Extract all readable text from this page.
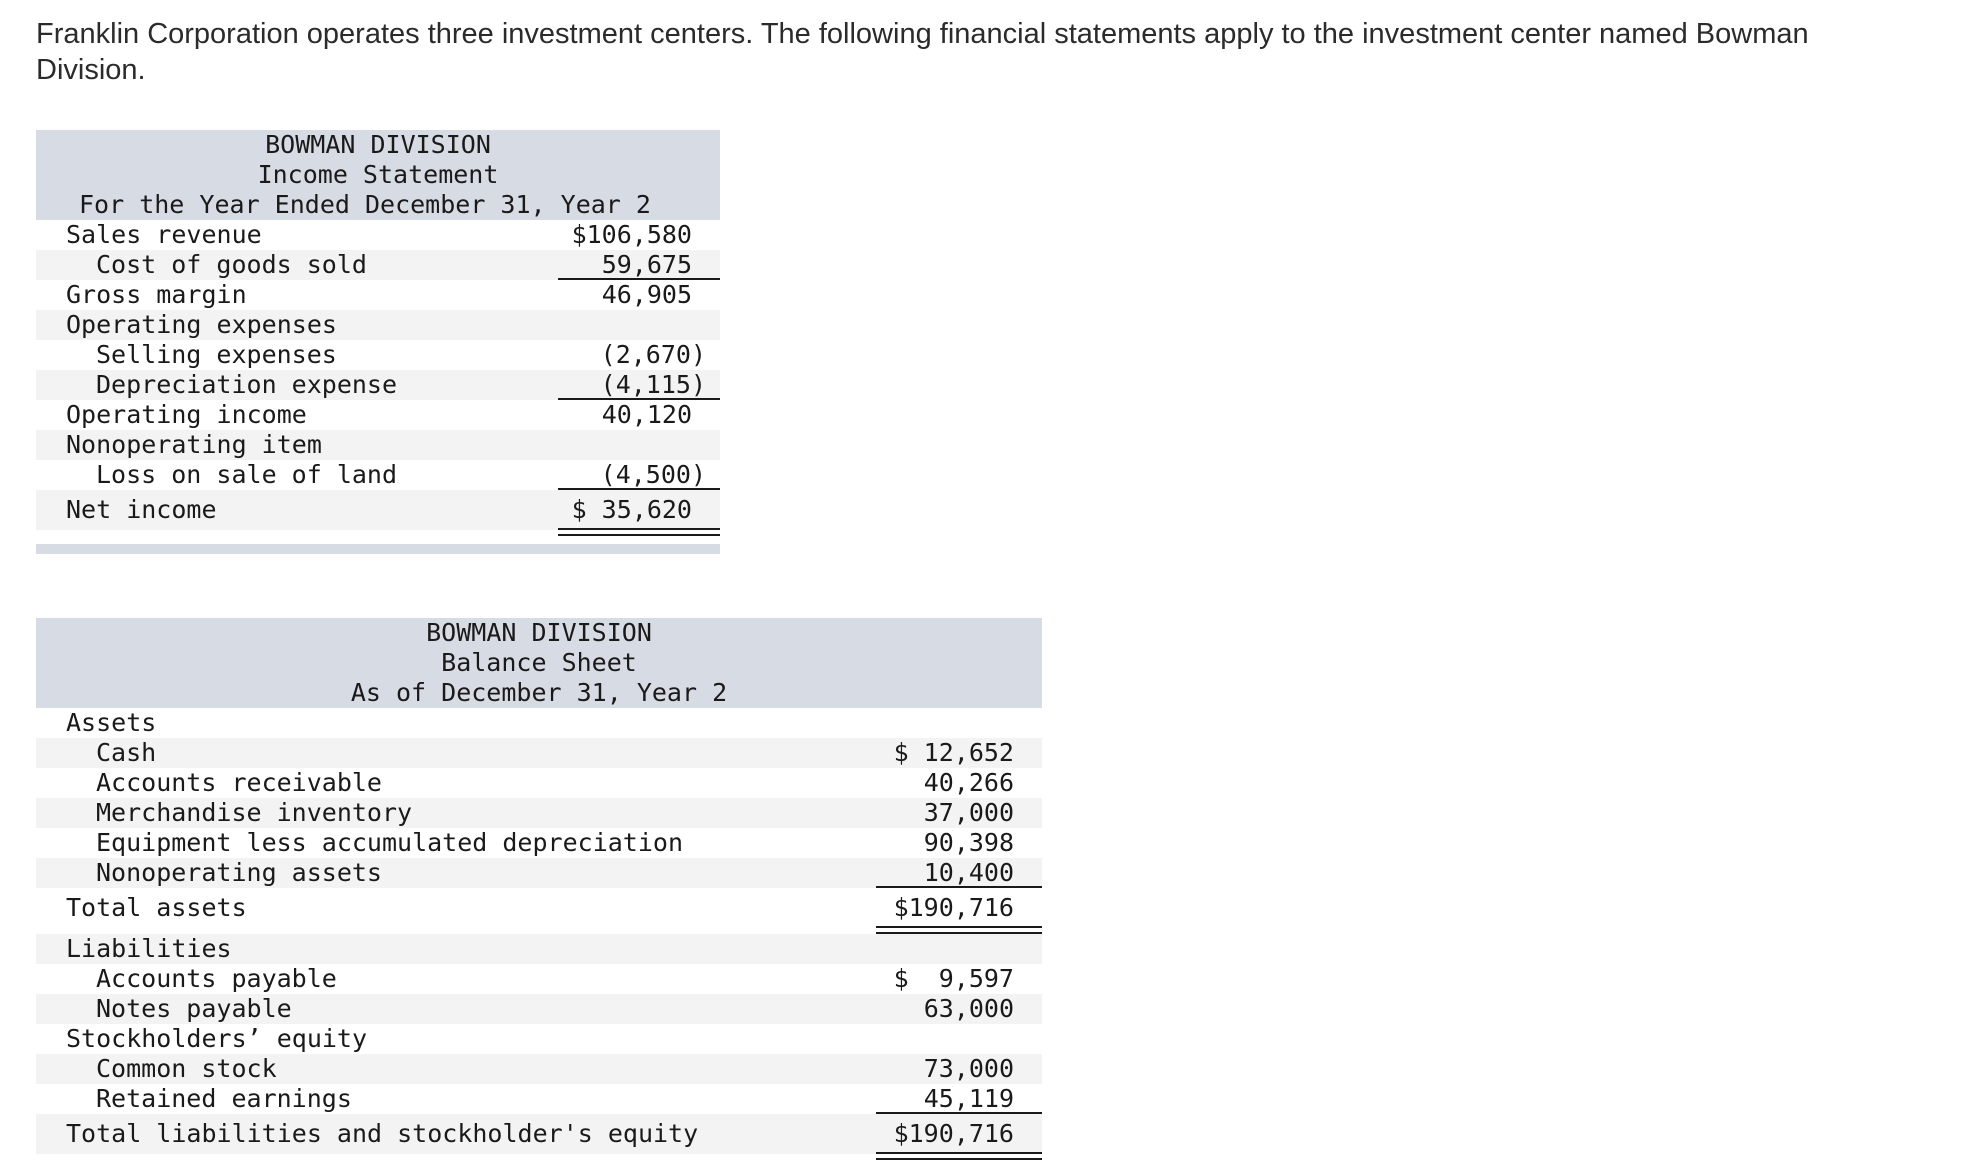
Franklin Corporation operates three investment centers. The following financial statements apply to the investment center named Bowman Division.

BOWMAN DIVISION
Income Statement
For the Year Ended December 31, Year 2
Sales revenue	$106,580
Cost of goods sold	59,675
Gross margin	46,905
Operating expenses
Selling expenses	(2,670)
Depreciation expense	(4,115)
Operating income	40,120
Nonoperating item
Loss on sale of land	(4,500)
Net income	$ 35,620
BOWMAN DIVISION
Balance Sheet
As of December 31, Year 2
Assets
Cash	$ 12,652
Accounts receivable	40,266
Merchandise inventory	37,000
Equipment less accumulated depreciation	90,398
Nonoperating assets	10,400
Total assets	$190,716
Liabilities
Accounts payable	$  9,597
Notes payable	63,000
Stockholders’ equity
Common stock	73,000
Retained earnings	45,119
Total liabilities and stockholder's equity	$190,716
